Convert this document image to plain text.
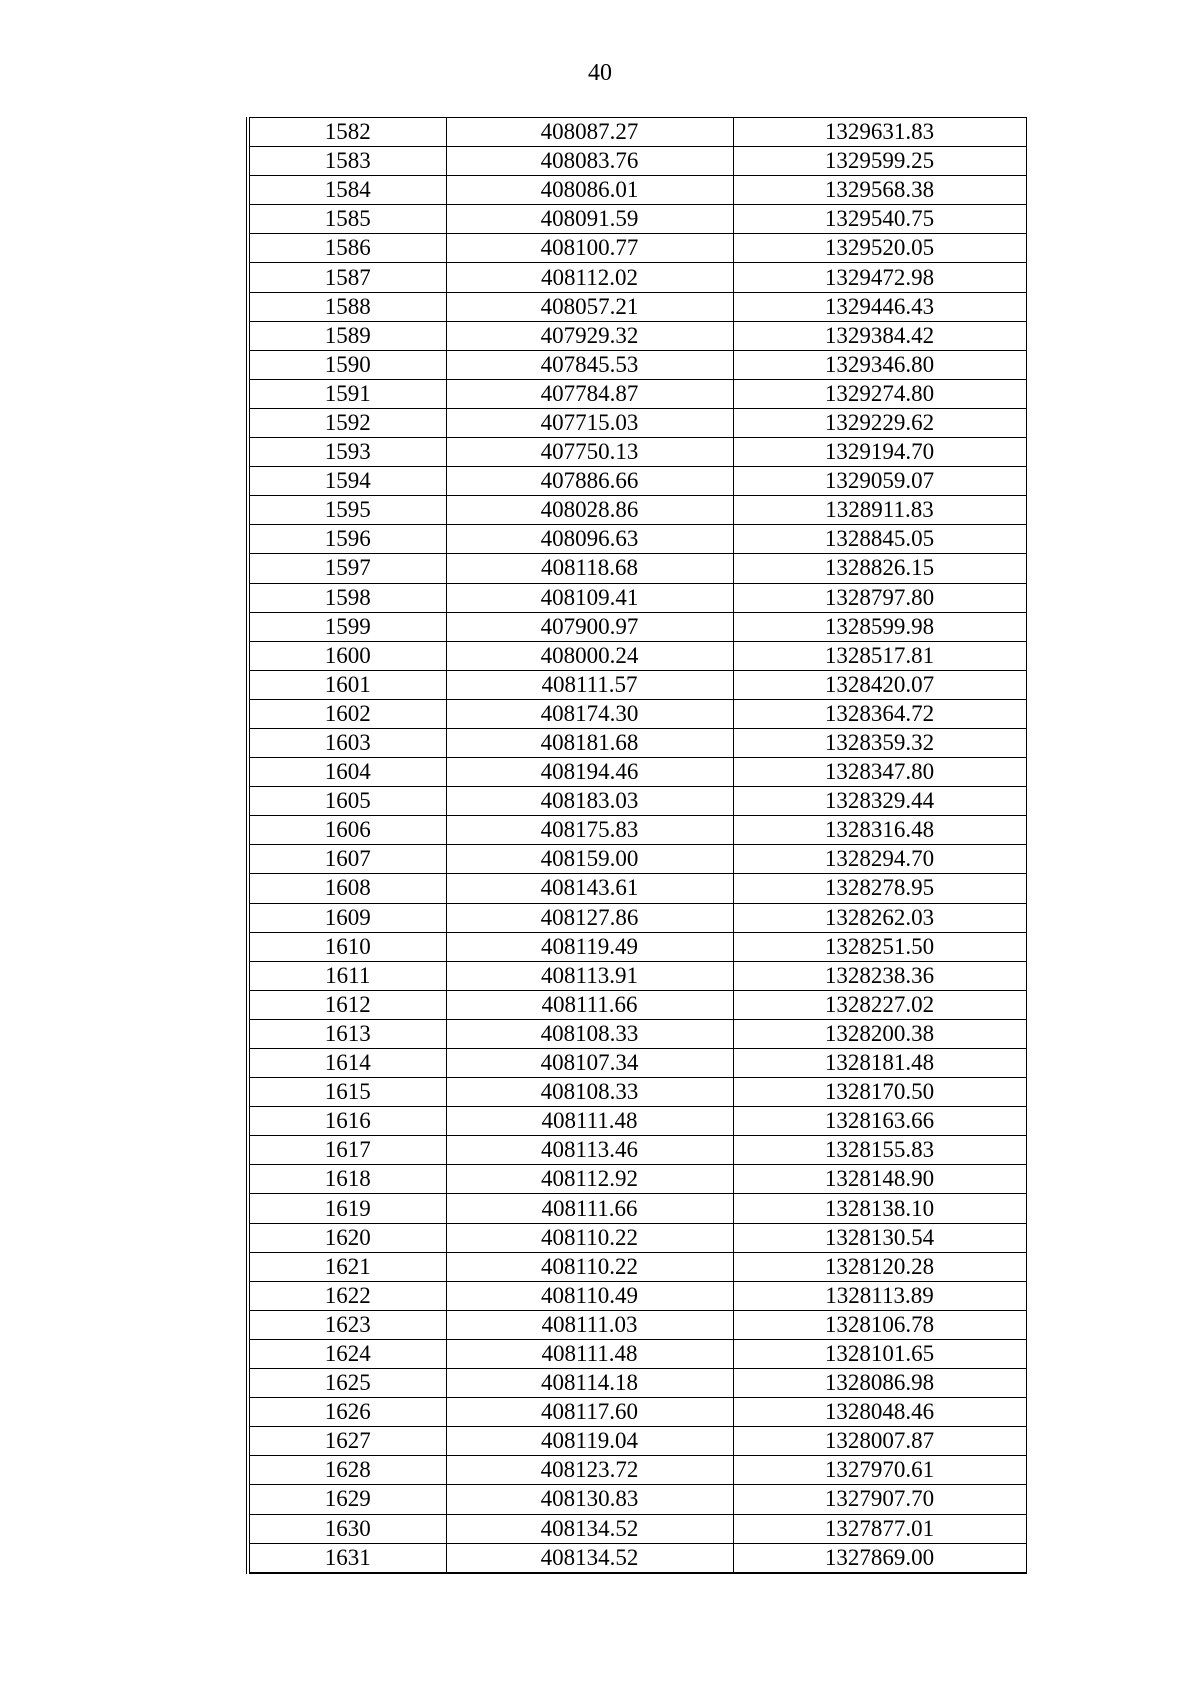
40
1582	408087.27	1329631.83
1583	408083.76	1329599.25
1584	408086.01	1329568.38
1585	408091.59	1329540.75
1586	408100.77	1329520.05
1587	408112.02	1329472.98
1588	408057.21	1329446.43
1589	407929.32	1329384.42
1590	407845.53	1329346.80
1591	407784.87	1329274.80
1592	407715.03	1329229.62
1593	407750.13	1329194.70
1594	407886.66	1329059.07
1595	408028.86	1328911.83
1596	408096.63	1328845.05
1597	408118.68	1328826.15
1598	408109.41	1328797.80
1599	407900.97	1328599.98
1600	408000.24	1328517.81
1601	408111.57	1328420.07
1602	408174.30	1328364.72
1603	408181.68	1328359.32
1604	408194.46	1328347.80
1605	408183.03	1328329.44
1606	408175.83	1328316.48
1607	408159.00	1328294.70
1608	408143.61	1328278.95
1609	408127.86	1328262.03
1610	408119.49	1328251.50
1611	408113.91	1328238.36
1612	408111.66	1328227.02
1613	408108.33	1328200.38
1614	408107.34	1328181.48
1615	408108.33	1328170.50
1616	408111.48	1328163.66
1617	408113.46	1328155.83
1618	408112.92	1328148.90
1619	408111.66	1328138.10
1620	408110.22	1328130.54
1621	408110.22	1328120.28
1622	408110.49	1328113.89
1623	408111.03	1328106.78
1624	408111.48	1328101.65
1625	408114.18	1328086.98
1626	408117.60	1328048.46
1627	408119.04	1328007.87
1628	408123.72	1327970.61
1629	408130.83	1327907.70
1630	408134.52	1327877.01
1631	408134.52	1327869.00
